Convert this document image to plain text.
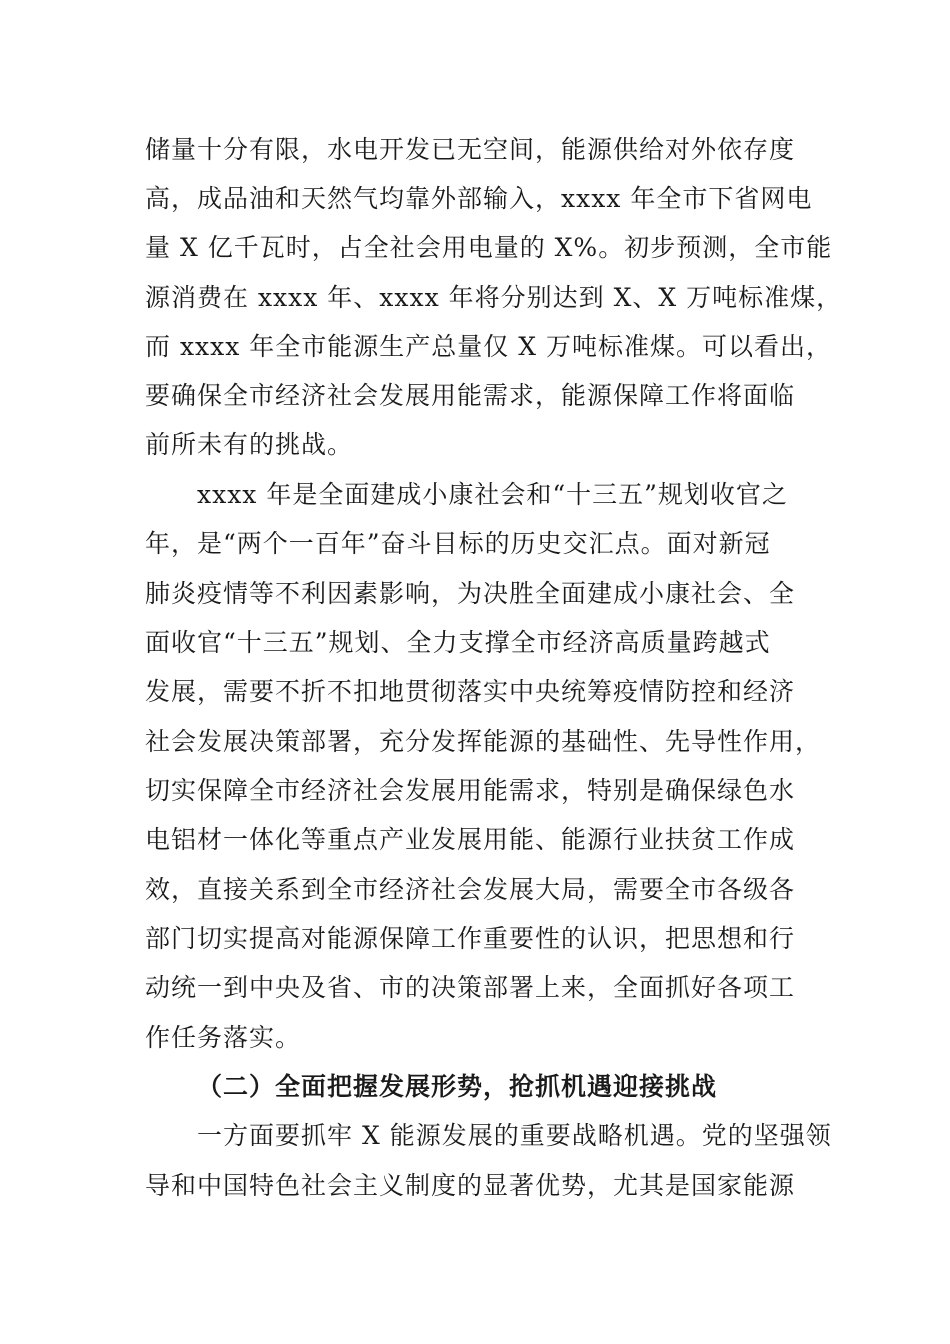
储量十分有限，水电开发已无空间，能源供给对外依存度
高，成品油和天然气均靠外部输入，xxxx 年全市下省网电
量 X 亿千瓦时，占全社会用电量的 X%。初步预测，全市能
源消费在 xxxx 年、xxxx 年将分别达到 X、X 万吨标准煤，
而 xxxx 年全市能源生产总量仅 X 万吨标准煤。可以看出，
要确保全市经济社会发展用能需求，能源保障工作将面临
前所未有的挑战。
xxxx 年是全面建成小康社会和“十三五”规划收官之
年，是“两个一百年”奋斗目标的历史交汇点。面对新冠
肺炎疫情等不利因素影响，为决胜全面建成小康社会、全
面收官“十三五”规划、全力支撑全市经济高质量跨越式
发展，需要不折不扣地贯彻落实中央统筹疫情防控和经济
社会发展决策部署，充分发挥能源的基础性、先导性作用，
切实保障全市经济社会发展用能需求，特别是确保绿色水
电铝材一体化等重点产业发展用能、能源行业扶贫工作成
效，直接关系到全市经济社会发展大局，需要全市各级各
部门切实提高对能源保障工作重要性的认识，把思想和行
动统一到中央及省、市的决策部署上来，全面抓好各项工
作任务落实。
（二）全面把握发展形势，抢抓机遇迎接挑战
一方面要抓牢 X 能源发展的重要战略机遇。党的坚强领
导和中国特色社会主义制度的显著优势，尤其是国家能源
